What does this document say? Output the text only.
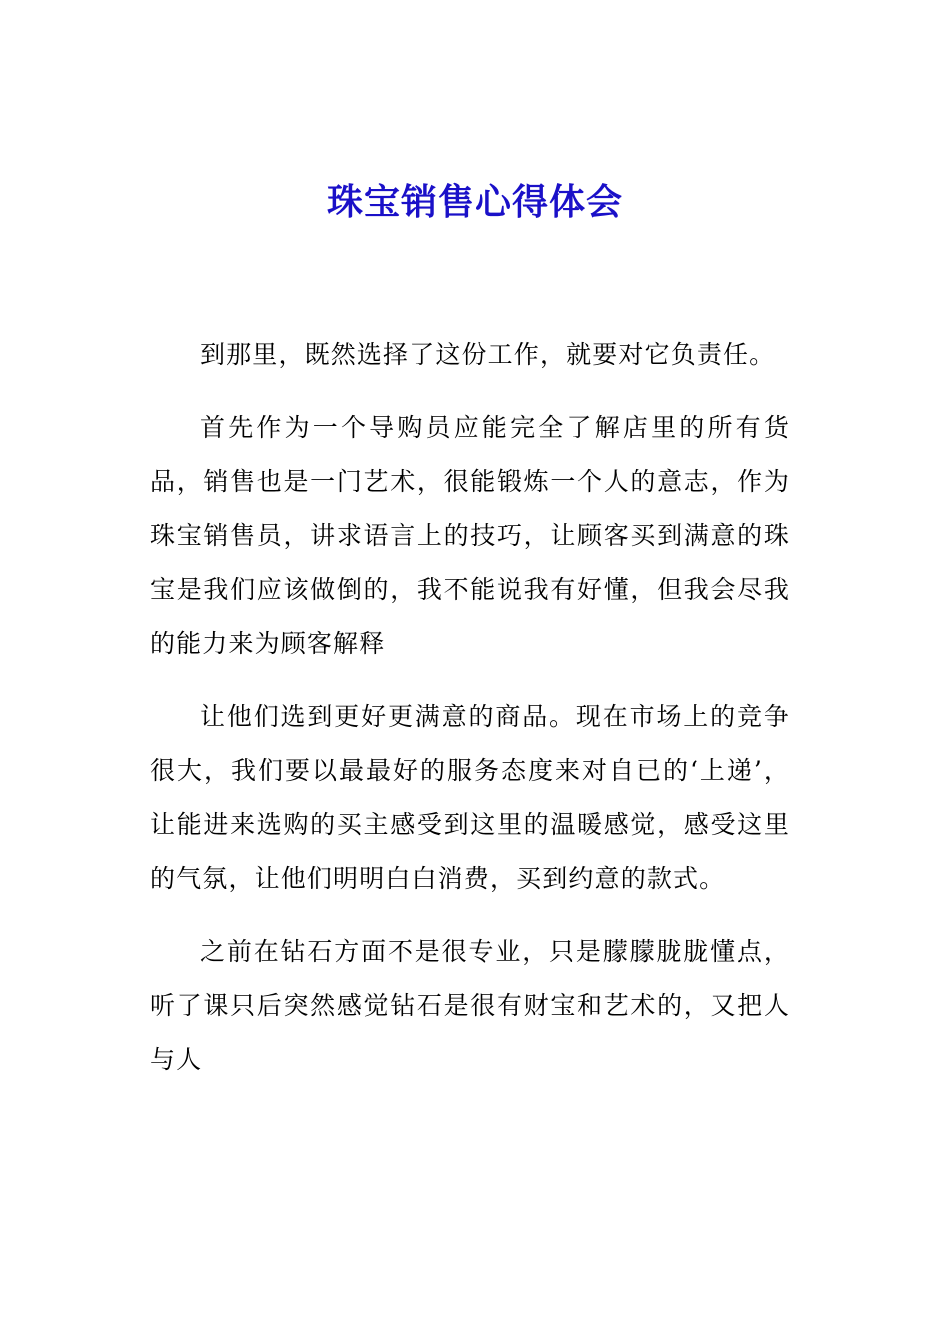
珠宝销售心得体会

到那里，既然选择了这份工作，就要对它负责任。

首先作为一个导购员应能完全了解店里的所有货品，销售也是一门艺术，很能锻炼一个人的意志，作为珠宝销售员，讲求语言上的技巧，让顾客买到满意的珠宝是我们应该做倒的，我不能说我有好懂，但我会尽我的能力来为顾客解释

让他们选到更好更满意的商品。现在市场上的竞争很大，我们要以最最好的服务态度来对自已的‘上递’，让能进来选购的买主感受到这里的温暖感觉，感受这里的气氛，让他们明明白白消费，买到约意的款式。

之前在钻石方面不是很专业，只是朦朦胧胧懂点，听了课只后突然感觉钻石是很有财宝和艺术的，又把人与人
